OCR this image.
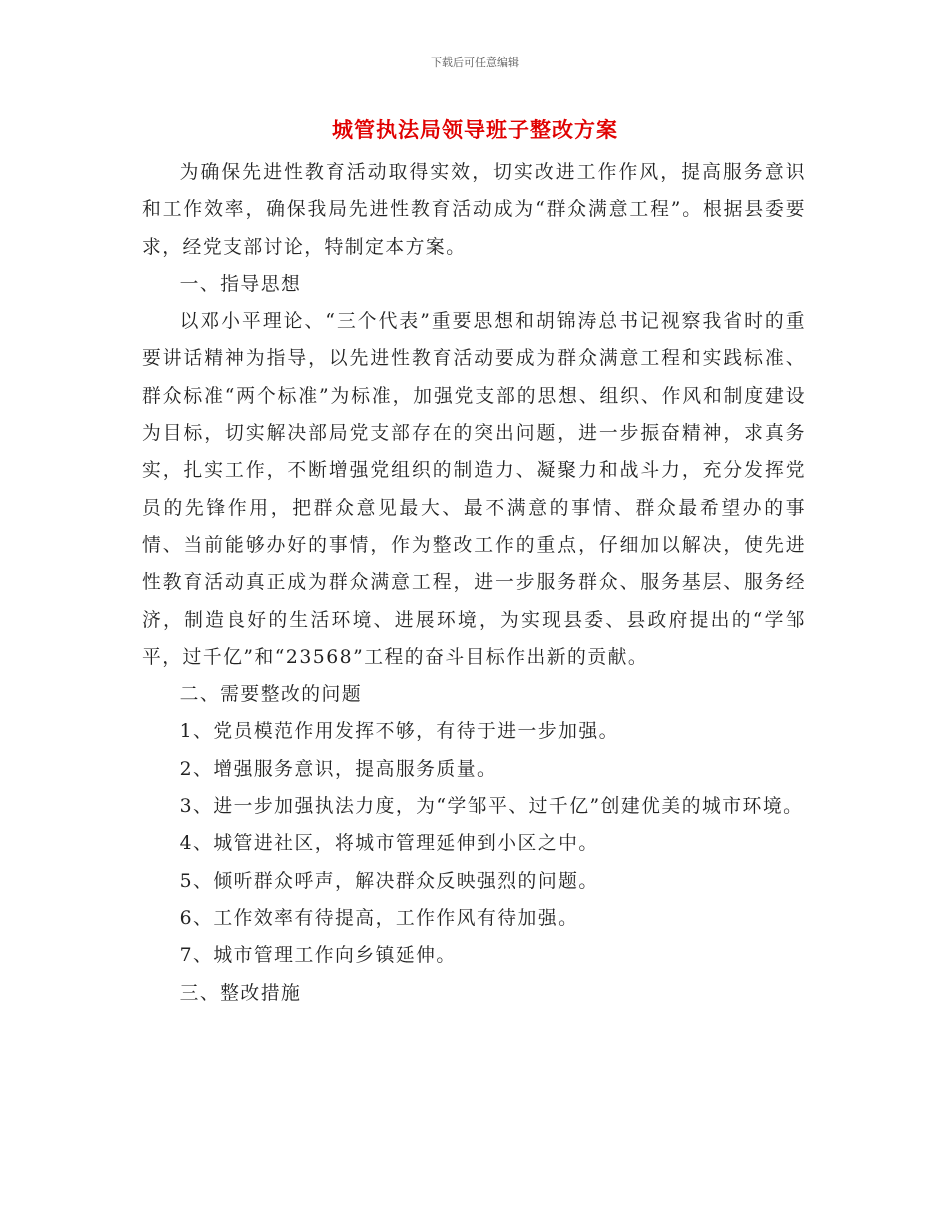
下载后可任意编辑
城管执法局领导班子整改方案

为确保先进性教育活动取得实效，切实改进工作作风，提高服务意识和工作效率，确保我局先进性教育活动成为“群众满意工程”。根据县委要求，经党支部讨论，特制定本方案。

一、指导思想

以邓小平理论、“三个代表”重要思想和胡锦涛总书记视察我省时的重要讲话精神为指导，以先进性教育活动要成为群众满意工程和实践标准、群众标准“两个标准”为标准，加强党支部的思想、组织、作风和制度建设为目标，切实解决部局党支部存在的突出问题，进一步振奋精神，求真务实，扎实工作，不断增强党组织的制造力、凝聚力和战斗力，充分发挥党员的先锋作用，把群众意见最大、最不满意的事情、群众最希望办的事情、当前能够办好的事情，作为整改工作的重点，仔细加以解决，使先进性教育活动真正成为群众满意工程，进一步服务群众、服务基层、服务经济，制造良好的生活环境、进展环境，为实现县委、县政府提出的“学邹平，过千亿”和“23568”工程的奋斗目标作出新的贡献。

二、需要整改的问题

1、党员模范作用发挥不够，有待于进一步加强。

2、增强服务意识，提高服务质量。

3、进一步加强执法力度，为“学邹平、过千亿”创建优美的城市环境。

4、城管进社区，将城市管理延伸到小区之中。

5、倾听群众呼声，解决群众反映强烈的问题。

6、工作效率有待提高，工作作风有待加强。

7、城市管理工作向乡镇延伸。

三、整改措施
